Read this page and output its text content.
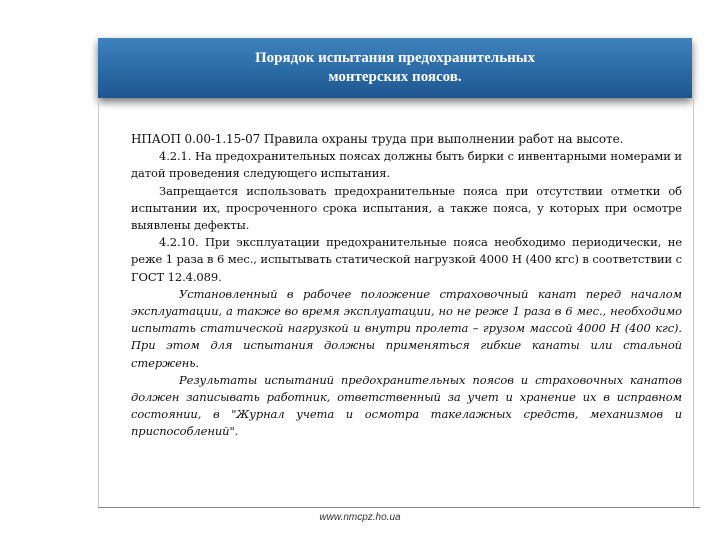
Порядок испытания предохранительных
монтерских поясов.

НПАОП 0.00-1.15-07 Правила охраны труда при выполнении работ на высоте.

4.2.1. На предохранительных поясах должны быть бирки с инвентарными номерами и датой проведения следующего испытания.

Запрещается использовать предохранительные пояса при отсутствии отметки об испытании их, просроченного срока испытания, а также пояса, у которых при осмотре выявлены дефекты.

4.2.10. При эксплуатации предохранительные пояса необходимо периодически, не реже 1 раза в 6 мес., испытывать статической нагрузкой 4000 Н (400 кгс) в соответствии с ГОСТ 12.4.089.

Установленный в рабочее положение страховочный канат перед началом эксплуатации, а также во время эксплуатации, но не реже 1 раза в 6 мес., необходимо испытать статической нагрузкой и внутри пролета – грузом массой 4000 Н (400 кгс). При этом для испытания должны применяться гибкие канаты или стальной стержень.

Результаты испытаний предохранительных поясов и страховочных канатов должен записывать работник, ответственный за учет и хранение их в исправном состоянии, в "Журнал учета и осмотра такелажных средств, механизмов и приспособлений".

www.nmcpz.ho.ua
